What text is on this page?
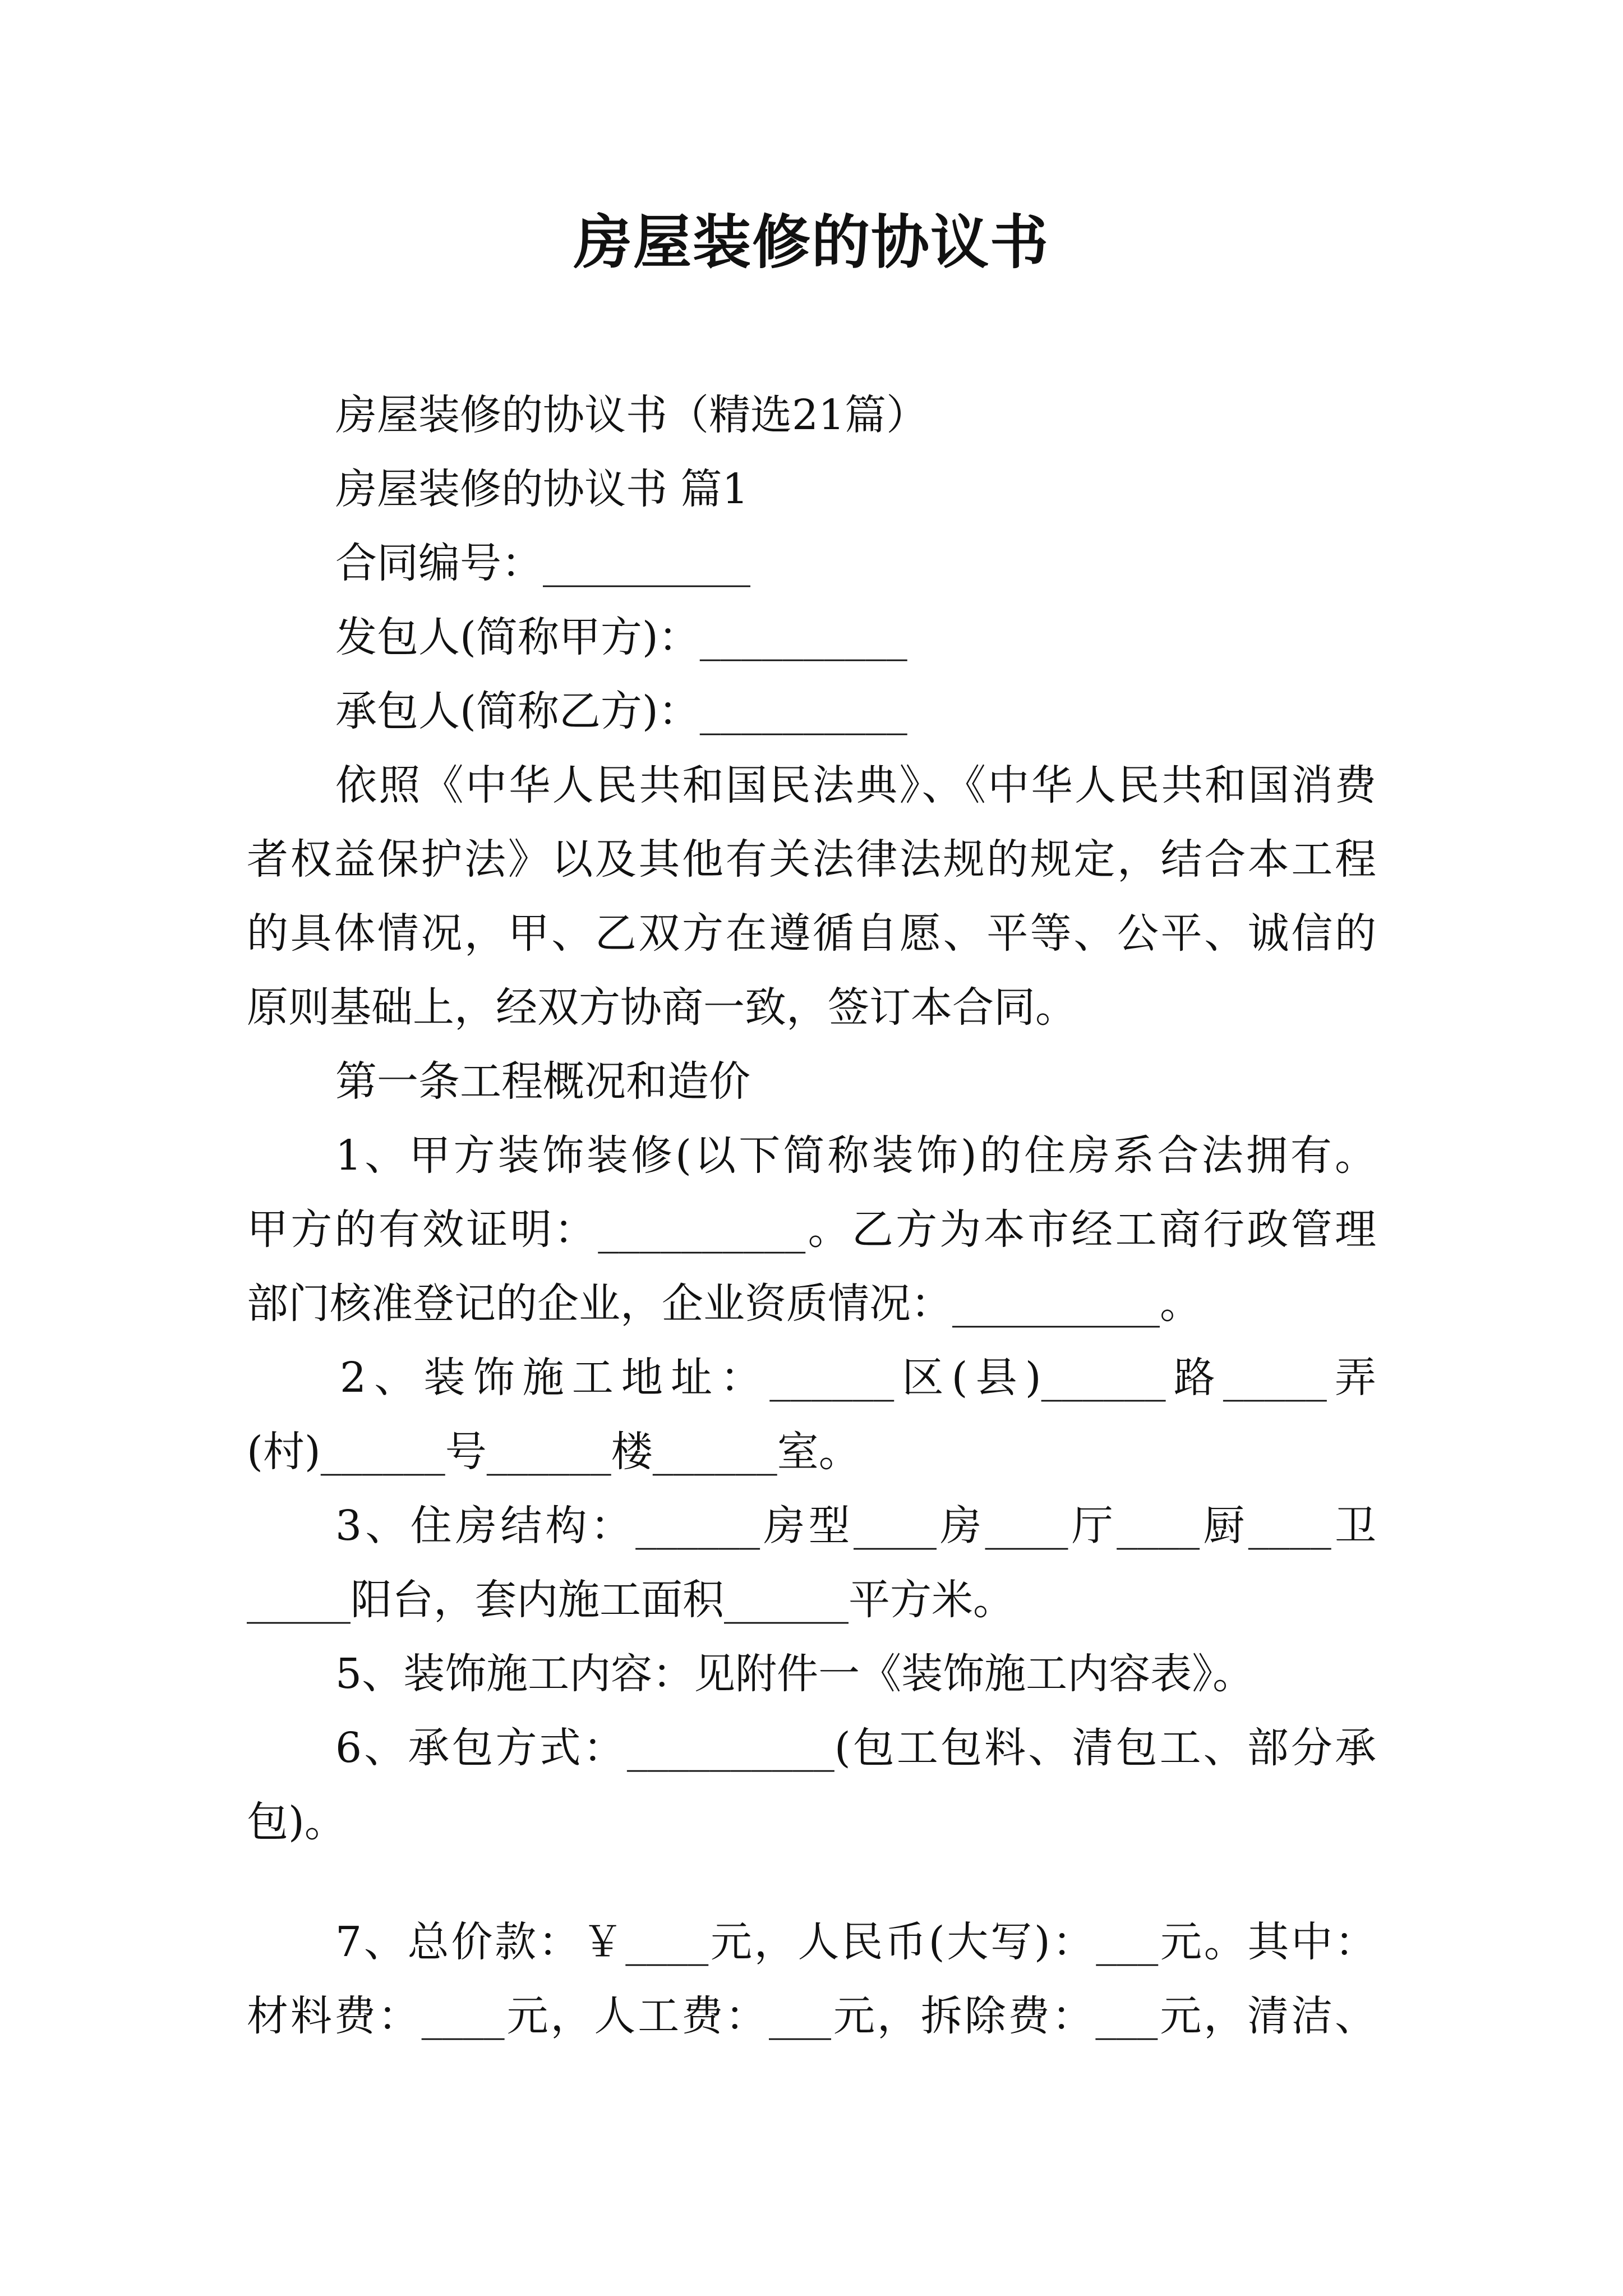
房屋装修的协议书
房屋装修的协议书（精选21篇）
房屋装修的协议书 篇1
合同编号：__________
发包人(简称甲方)：__________
承包人(简称乙方)：__________
依照《中华人民共和国民法典》、《中华人民共和国消费
者权益保护法》以及其他有关法律法规的规定，结合本工程
的具体情况，甲、乙双方在遵循自愿、平等、公平、诚信的
原则基础上，经双方协商一致，签订本合同。
第一条工程概况和造价
1、甲方装饰装修(以下简称装饰)的住房系合法拥有。
甲方的有效证明：__________。乙方为本市经工商行政管理
部门核准登记的企业，企业资质情况：__________。
2、装饰施工地址：______区(县)______路_____弄
(村)______号______楼______室。
3、住房结构：______房型____房____厅____厨____卫
_____阳台，套内施工面积______平方米。
5、装饰施工内容：见附件一《装饰施工内容表》。
6、承包方式：__________(包工包料、清包工、部分承
包)。
7、总价款：￥____元，人民币(大写)：___元。其中：
材料费：____元，人工费：___元，拆除费：___元，清洁、
